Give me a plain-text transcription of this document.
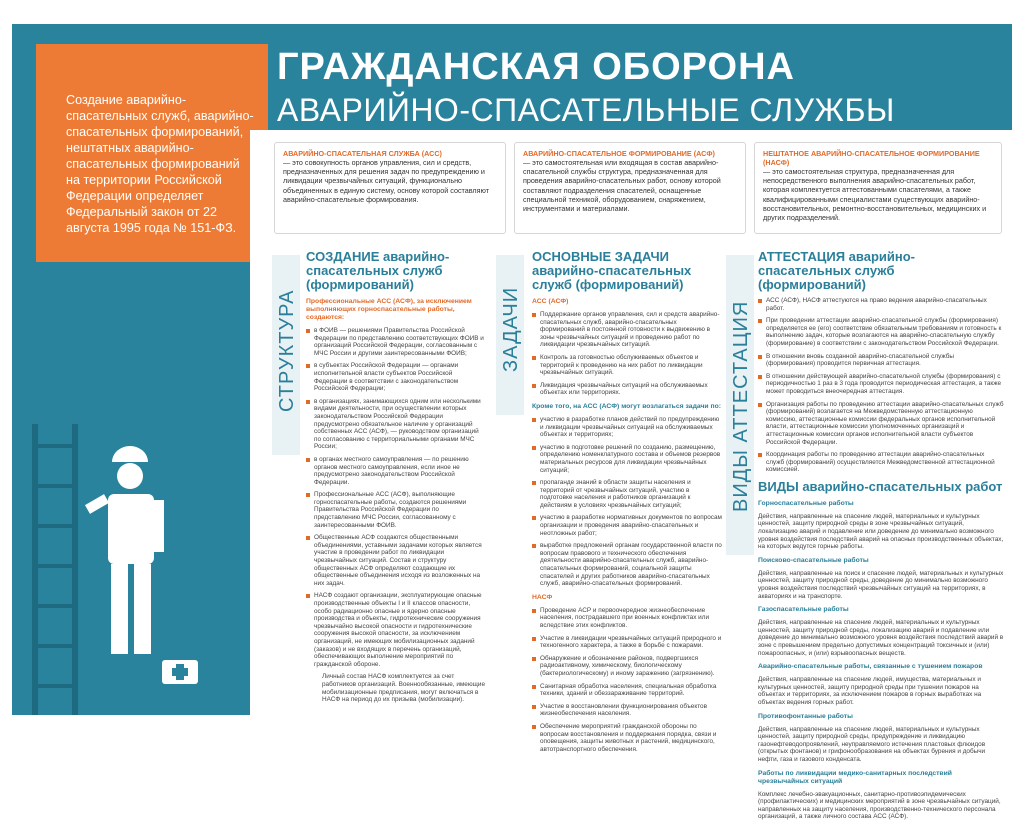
Создание аварийно-спасательных служб, аварийно-спасательных формирований, нештатных аварийно-спасательных формирований на территории Российской Федерации определяет Федеральный закон от 22 августа 1995 года № 151-ФЗ.

ГРАЖДАНСКАЯ ОБОРОНА
АВАРИЙНО-СПАСАТЕЛЬНЫЕ СЛУЖБЫ
АВАРИЙНО-СПАСАТЕЛЬНАЯ СЛУЖБА (АСС)
— это совокупность органов управления, сил и средств, предназначенных для решения задач по предупреждению и ликвидации чрезвычайных ситуаций, функционально объединенных в единую систему, основу которой составляют аварийно-спасательные формирования.
АВАРИЙНО-СПАСАТЕЛЬНОЕ ФОРМИРОВАНИЕ (АСФ)
— это самостоятельная или входящая в состав аварийно-спасательной службы структура, предназначенная для проведения аварийно-спасательных работ, основу которой составляют подразделения спасателей, оснащенные специальной техникой, оборудованием, снаряжением, инструментами и материалами.
НЕШТАТНОЕ АВАРИЙНО-СПАСАТЕЛЬНОЕ ФОРМИРОВАНИЕ (НАСФ)
— это самостоятельная структура, предназначенная для непосредственного выполнения аварийно-спасательных работ, которая комплектуется аттестованными спасателями, а также квалифицированными специалистами существующих аварийно-восстановительных, ремонтно-восстановительных, медицинских и других подразделений.
СТРУКТУРА	ЗАДАЧИ	ВИДЫ АТТЕСТАЦИЯ
СОЗДАНИЕ аварийно-спасательных служб (формирований)
Профессиональные АСС (АСФ), за исключением выполняющих горноспасательные работы, создаются:
в ФОИВ — решениями Правительства Российской Федерации по представлению соответствующих ФОИВ и организаций Российской Федерации, согласованным с МЧС России и другими заинтересованными ФОИВ;
в субъектах Российской Федерации — органами исполнительной власти субъектов Российской Федерации в соответствии с законодательством Российской Федерации;
в организациях, занимающихся одним или несколькими видами деятельности, при осуществлении которых законодательством Российской Федерации предусмотрено обязательное наличие у организаций собственных АСС (АСФ), — руководством организаций по согласованию с территориальными органами МЧС России;
в органах местного самоуправления — по решению органов местного самоуправления, если иное не предусмотрено законодательством Российской Федерации.
Профессиональные АСС (АСФ), выполняющие горноспасательные работы, создаются решениями Правительства Российской Федерации по представлению МЧС России, согласованному с заинтересованными ФОИВ.
Общественные АСФ создаются общественными объединениями, уставными задачами которых является участие в проведении работ по ликвидации чрезвычайных ситуаций. Состав и структуру общественных АСФ определяют создающие их общественные объединения исходя из возложенных на них задач.
НАСФ создают организации, эксплуатирующие опасные производственные объекты I и II классов опасности, особо радиационно опасные и ядерно опасные производства и объекты, гидротехнические сооружения чрезвычайно высокой опасности и гидротехнические сооружения высокой опасности, за исключением организаций, не имеющих мобилизационных заданий (заказов) и не входящих в перечень организаций, обеспечивающих выполнение мероприятий по гражданской обороне.
Личный состав НАСФ комплектуется за счет работников организаций. Военнообязанные, имеющие мобилизационные предписания, могут включаться в НАСФ на период до их призыва (мобилизации).
ОСНОВНЫЕ ЗАДАЧИ аварийно-спасательных служб (формирований)
АСС (АСФ)
Поддержание органов управления, сил и средств аварийно-спасательных служб, аварийно-спасательных формирований в постоянной готовности к выдвижению в зоны чрезвычайных ситуаций и проведению работ по ликвидации чрезвычайных ситуаций.
Контроль за готовностью обслуживаемых объектов и территорий к проведению на них работ по ликвидации чрезвычайных ситуаций.
Ликвидация чрезвычайных ситуаций на обслуживаемых объектах или территориях.
Кроме того, на АСС (АСФ) могут возлагаться задачи по:
участию в разработке планов действий по предупреждению и ликвидации чрезвычайных ситуаций на обслуживаемых объектах и территориях;
участию в подготовке решений по созданию, размещению, определению номенклатурного состава и объемов резервов материальных ресурсов для ликвидации чрезвычайных ситуаций;
пропаганде знаний в области защиты населения и территорий от чрезвычайных ситуаций, участию в подготовке населения и работников организаций к действиям в условиях чрезвычайных ситуаций;
участию в разработке нормативных документов по вопросам организации и проведения аварийно-спасательных и неотложных работ;
выработке предложений органам государственной власти по вопросам правового и технического обеспечения деятельности аварийно-спасательных служб, аварийно-спасательных формирований, социальной защиты спасателей и других работников аварийно-спасательных служб, аварийно-спасательных формирований.
НАСФ
Проведение АСР и первоочередное жизнеобеспечение населения, пострадавшего при военных конфликтах или вследствие этих конфликтов.
Участие в ликвидации чрезвычайных ситуаций природного и техногенного характера, а также в борьбе с пожарами.
Обнаружение и обозначение районов, подвергшихся радиоактивному, химическому, биологическому (бактериологическому) и иному заражению (загрязнению).
Санитарная обработка населения, специальная обработка техники, зданий и обеззараживание территорий.
Участие в восстановлении функционирования объектов жизнеобеспечения населения.
Обеспечение мероприятий гражданской обороны по вопросам восстановления и поддержания порядка, связи и оповещения, защиты животных и растений, медицинского, автотранспортного обеспечения.
АТТЕСТАЦИЯ аварийно-спасательных служб (формирований)
АСС (АСФ), НАСФ аттестуются на право ведения аварийно-спасательных работ.
При проведении аттестации аварийно-спасательной службы (формирования) определяется ее (его) соответствие обязательным требованиям и готовность к выполнению задач, которые возлагаются на аварийно-спасательную службу (формирование) в соответствии с законодательством Российской Федерации.
В отношении вновь созданной аварийно-спасательной службы (формирования) проводится первичная аттестация.
В отношении действующей аварийно-спасательной службы (формирования) с периодичностью 1 раз в 3 года проводится периодическая аттестация, а также может проводиться внеочередная аттестация.
Организация работы по проведению аттестации аварийно-спасательных служб (формирований) возлагается на Межведомственную аттестационную комиссию, аттестационные комиссии федеральных органов исполнительной власти, аттестационные комиссии уполномоченных организаций и аттестационные комиссии органов исполнительной власти субъектов Российской Федерации.
Координация работы по проведению аттестации аварийно-спасательных служб (формирований) осуществляется Межведомственной аттестационной комиссией.
ВИДЫ аварийно-спасательных работ
Горноспасательные работы
Действия, направленные на спасение людей, материальных и культурных ценностей, защиту природной среды в зоне чрезвычайных ситуаций, локализацию аварий и подавление или доведение до минимально возможного уровня воздействия последствий аварий на опасных производственных объектах, на которых ведутся горные работы.
Поисково-спасательные работы
Действия, направленные на поиск и спасение людей, материальных и культурных ценностей, защиту природной среды, доведение до минимально возможного уровня воздействия последствий чрезвычайных ситуаций на территориях, в акваториях и на транспорте.
Газоспасательные работы
Действия, направленные на спасение людей, материальных и культурных ценностей, защиту природной среды, локализацию аварий и подавление или доведение до минимально возможного уровня воздействия последствий аварий в зоне с превышением предельно допустимых концентраций токсичных и (или) пожароопасных, и (или) взрывоопасных веществ.
Аварийно-спасательные работы, связанные с тушением пожаров
Действия, направленные на спасение людей, имущества, материальных и культурных ценностей, защиту природной среды при тушении пожаров на объектах и территориях, за исключением пожаров в горных выработках на объектах ведения горных работ.
Противофонтанные работы
Действия, направленные на спасение людей, материальных и культурных ценностей, защиту природной среды, предупреждение и ликвидацию газонефтеводопроявлений, неуправляемого истечения пластовых флюидов (открытых фонтанов) и грифонообразования на объектах бурения и добычи нефти, газа и газового конденсата.
Работы по ликвидации медико-санитарных последствий чрезвычайных ситуаций
Комплекс лечебно-эвакуационных, санитарно-противоэпидемических (профилактических) и медицинских мероприятий в зоне чрезвычайных ситуаций, направленных на защиту населения, производственно-технического персонала организаций, а также личного состава АСС (АСФ).
